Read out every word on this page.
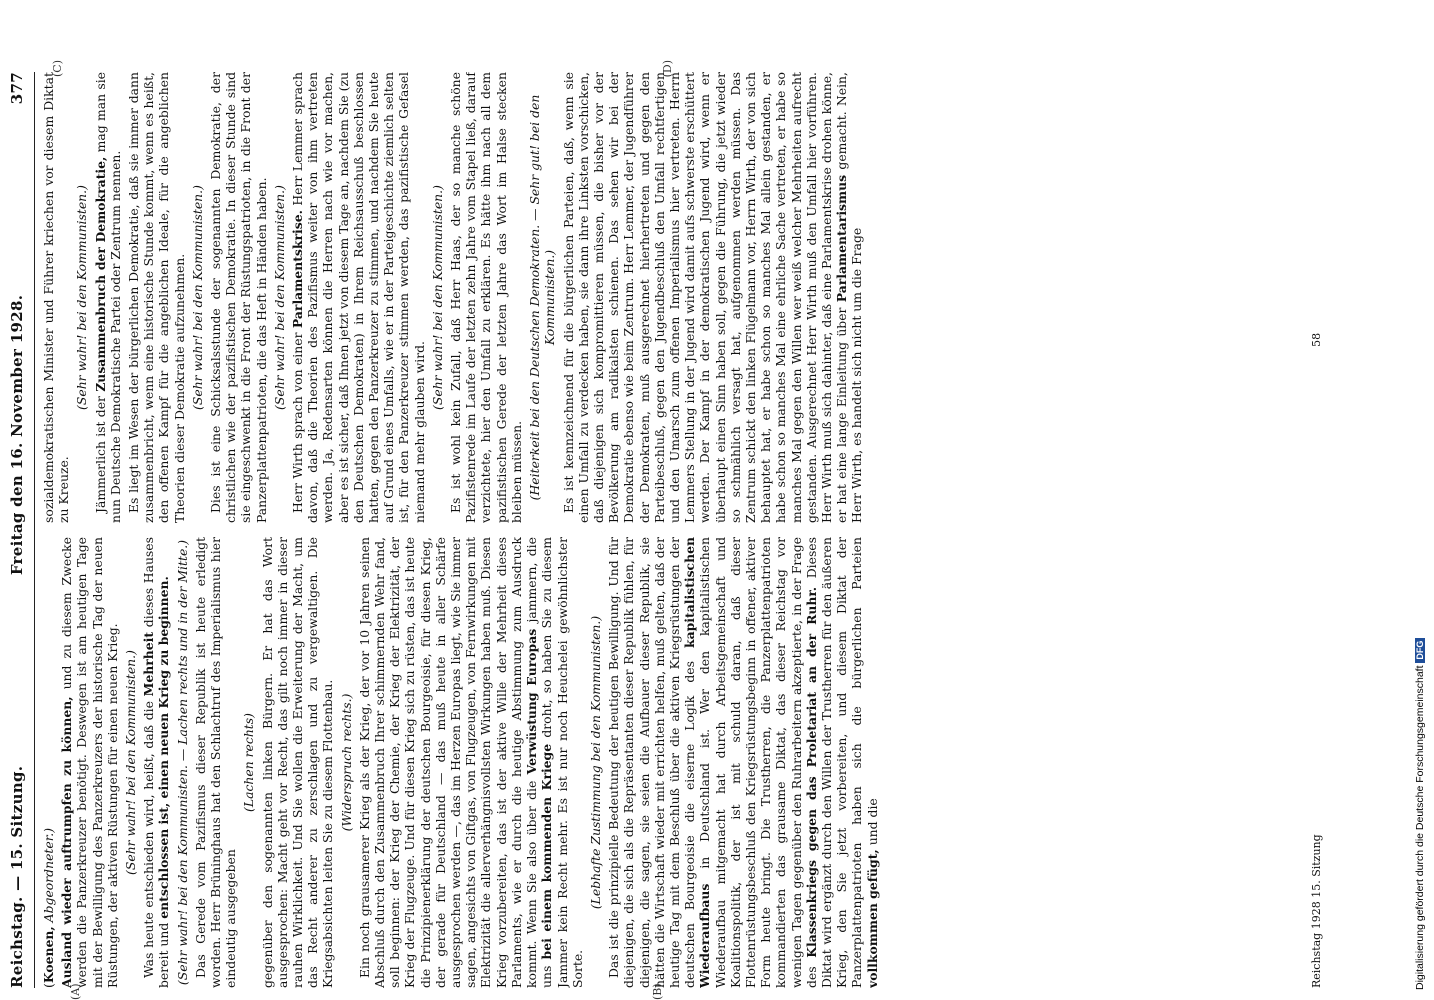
Reichstag. — 15. Sitzung.
Freitag den 16. November 1928.
377
(A)	(B)
(C)	(D)

(Koenen, Abgeordneter.) Ausland wieder auftrumpfen zu können, und zu diesem Zwecke werden die Panzerkreuzer benötigt. Deswegen ist am heutigen Tage mit der Bewilligung des Panzerkreuzers der historische Tag der neuen Rüstungen, der aktiven Rüstungen für einen neuen Krieg. (Sehr wahr! bei den Kommunisten.) Was heute entschieden wird, heißt, daß die Mehrheit dieses Hauses bereit und entschlossen ist, einen neuen Krieg zu beginnen. (Sehr wahr! bei den Kommunisten. — Lachen rechts und in der Mitte.) Das Gerede vom Pazifismus dieser Republik ist heute erledigt worden. Herr Brüninghaus hat den Schlachtruf des Imperialismus hier eindeutig ausgegeben

(Lachen rechts) gegenüber den sogenannten linken Bürgern. Er hat das Wort ausgesprochen: Macht geht vor Recht, das gilt noch immer in dieser rauhen Wirklichkeit. Und Sie wollen die Erweiterung der Macht, um das Recht anderer zu zerschlagen und zu vergewaltigen. Die Kriegsabsichten leiten Sie zu diesem Flottenbau. (Widerspruch rechts.) Ein noch grausamerer Krieg als der Krieg, der vor 10 Jahren seinen Abschluß durch den Zusammenbruch Ihrer schimmernden Wehr fand, soll beginnen: der Krieg der Chemie, der Krieg der Elektrizität, der Krieg der Flugzeuge. Und für diesen Krieg sich zu rüsten, das ist heute die Prinzipienerklärung der deutschen Bourgeoisie, für diesen Krieg, der gerade für Deutschland — das muß heute in aller Schärfe ausgesprochen werden —, das im Herzen Europas liegt, wie Sie immer sagen, angesichts von Giftgas, von Flugzeugen, von Fernwirkungen mit Elektrizität die allerverhängnisvollsten Wirkungen haben muß. Diesen Krieg vorzubereiten, das ist der aktive Wille der Mehrheit dieses Parlaments, wie er durch die heutige Abstimmung zum Ausdruck kommt. Wenn Sie also über die Verwüstung Europas jammern, die uns bei einem kommenden Kriege droht, so haben Sie zu diesem Jammer kein Recht mehr. Es ist nur noch Heuchelei gewöhnlichster Sorte.

(Lebhafte Zustimmung bei den Kommunisten.) Das ist die prinzipielle Bedeutung der heutigen Bewilligung. Und für diejenigen, die sich als die Repräsentanten dieser Republik fühlen, für diejenigen, die sagen, sie seien die Aufbauer dieser Republik, sie hätten die Wirtschaft wieder mit errichten helfen, muß gelten, daß der heutige Tag mit dem Beschluß über die aktiven Kriegsrüstungen der deutschen Bourgeoisie die eiserne Logik des kapitalistischen Wiederaufbaus in Deutschland ist. Wer den kapitalistischen Wiederaufbau mitgemacht hat durch Arbeitsgemeinschaft und Koalitionspolitik, der ist mit schuld daran, daß dieser Flottenrüstungsbeschluß den Kriegsrüstungsbeginn in offener, aktiver Form heute bringt. Die Trustherren, die Panzerplattenpatrioten kommandierten das grausame Diktat, das dieser Reichstag vor wenigen Tagen gegenüber den Ruhrarbeitern akzeptierte, in der Frage des Klassenkriegs gegen das Proletariat an der Ruhr. Dieses Diktat wird ergänzt durch den Willen der Trustherren für den äußeren Krieg, den Sie jetzt vorbereiten, und diesem Diktat der Panzerplattenpatrioten haben sich die bürgerlichen Parteien vollkommen gefügt, und die

sozialdemokratischen Minister und Führer kriechen vor diesem Diktat zu Kreuze.

(Sehr wahr! bei den Kommunisten.)

Jämmerlich ist der Zusammenbruch der Demokratie, mag man sie nun Deutsche Demokratische Partei oder Zentrum nennen. Es liegt im Wesen der bürgerlichen Demokratie, daß sie immer dann zusammenbricht, wenn eine historische Stunde kommt, wenn es heißt, den offenen Kampf für die angeblichen Ideale, für die angeblichen Theorien dieser Demokratie aufzunehmen. (Sehr wahr! bei den Kommunisten.) Dies ist eine Schicksalsstunde der sogenannten Demokratie, der christlichen wie der pazifistischen Demokratie. In dieser Stunde sind sie eingeschwenkt in die Front der Rüstungspatrioten, in die Front der Panzerplattenpatrioten, die das Heft in Händen haben. (Sehr wahr! bei den Kommunisten.)

Herr Wirth sprach von einer Parlamentskrise. Herr Lemmer sprach davon, daß die Theorien des Pazifismus weiter von ihm vertreten werden. Ja, Redensarten können die Herren nach wie vor machen, aber es ist sicher, daß Ihnen jetzt von diesem Tage an, nachdem Sie (zu den Deutschen Demokraten) in Ihrem Reichsausschuß beschlossen hatten, gegen den Panzerkreuzer zu stimmen, und nachdem Sie heute auf Grund eines Umfalls, wie er in der Parteigeschichte ziemlich selten ist, für den Panzerkreuzer stimmen werden, das pazifistische Gefasel niemand mehr glauben wird.

(Sehr wahr! bei den Kommunisten.) Es ist wohl kein Zufall, daß Herr Haas, der so manche schöne Pazifistenrede im Laufe der letzten zehn Jahre vom Stapel ließ, darauf verzichtete, hier den Umfall zu erklären. Es hätte ihm nach all dem pazifistischen Gerede der letzten Jahre das Wort im Halse stecken bleiben müssen. (Heiterkeit bei den Deutschen Demokraten. — Sehr gut! bei den Kommunisten.) Es ist kennzeichnend für die bürgerlichen Parteien, daß, wenn sie einen Umfall zu verdecken haben, sie dann ihre Linksten vorschicken, daß diejenigen sich kompromittieren müssen, die bisher vor der Bevölkerung am radikalsten schienen. Das sehen wir bei der Demokratie ebenso wie beim Zentrum. Herr Lemmer, der Jugendführer der Demokraten, muß ausgerechnet hierhertreten und gegen den Parteibeschluß, gegen den Jugendbeschluß den Umfall rechtfertigen und den Umarsch zum offenen Imperialismus hier vertreten. Herrn Lemmers Stellung in der Jugend wird damit aufs schwerste erschüttert werden. Der Kampf in der demokratischen Jugend wird, wenn er überhaupt einen Sinn haben soll, gegen die Führung, die jetzt wieder so schmählich versagt hat, aufgenommen werden müssen. Das Zentrum schickt den linken Flügelmann vor, Herrn Wirth, der von sich behauptet hat, er habe schon so manches Mal allein gestanden, er habe schon so manches Mal eine ehrliche Sache vertreten, er habe so manches Mal gegen den Willen wer weiß welcher Mehrheiten aufrecht gestanden. Ausgerechnet Herr Wirth muß den Umfall hier vorführen. Herr Wirth muß sich dahinter, daß eine Parlamentskrise drohen könne, er hat eine lange Einleitung über Parlamentarismus gemacht. Nein, Herr Wirth, es handelt sich nicht um die Frage

Reichstag 1928 15. Sitzung
58
Digitalisierung gefördert durch die Deutsche Forschungsgemeinschaft DFG
